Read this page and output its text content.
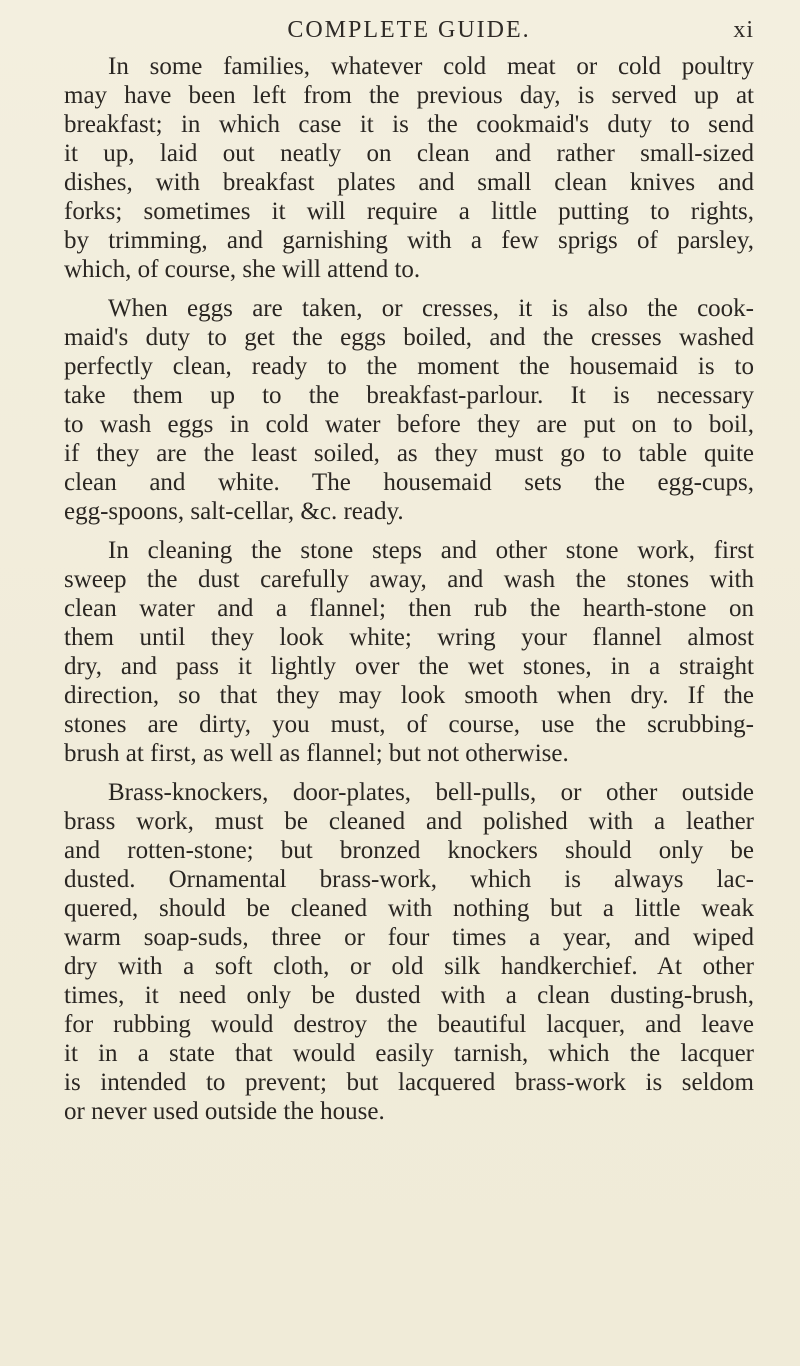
COMPLETE GUIDE.	xi
In some families, whatever cold meat or cold poultry
may have been left from the previous day, is served up at
breakfast; in which case it is the cookmaid's duty to send
it up, laid out neatly on clean and rather small-sized
dishes, with breakfast plates and small clean knives and
forks; sometimes it will require a little putting to rights,
by trimming, and garnishing with a few sprigs of parsley,
which, of course, she will attend to.
When eggs are taken, or cresses, it is also the cook-
maid's duty to get the eggs boiled, and the cresses washed
perfectly clean, ready to the moment the housemaid is to
take them up to the breakfast-parlour. It is necessary
to wash eggs in cold water before they are put on to boil,
if they are the least soiled, as they must go to table quite
clean and white. The housemaid sets the egg-cups,
egg-spoons, salt-cellar, &c. ready.
In cleaning the stone steps and other stone work, first
sweep the dust carefully away, and wash the stones with
clean water and a flannel; then rub the hearth-stone on
them until they look white; wring your flannel almost
dry, and pass it lightly over the wet stones, in a straight
direction, so that they may look smooth when dry. If the
stones are dirty, you must, of course, use the scrubbing-
brush at first, as well as flannel; but not otherwise.
Brass-knockers, door-plates, bell-pulls, or other outside
brass work, must be cleaned and polished with a leather
and rotten-stone; but bronzed knockers should only be
dusted. Ornamental brass-work, which is always lac-
quered, should be cleaned with nothing but a little weak
warm soap-suds, three or four times a year, and wiped
dry with a soft cloth, or old silk handkerchief. At other
times, it need only be dusted with a clean dusting-brush,
for rubbing would destroy the beautiful lacquer, and leave
it in a state that would easily tarnish, which the lacquer
is intended to prevent; but lacquered brass-work is seldom
or never used outside the house.
